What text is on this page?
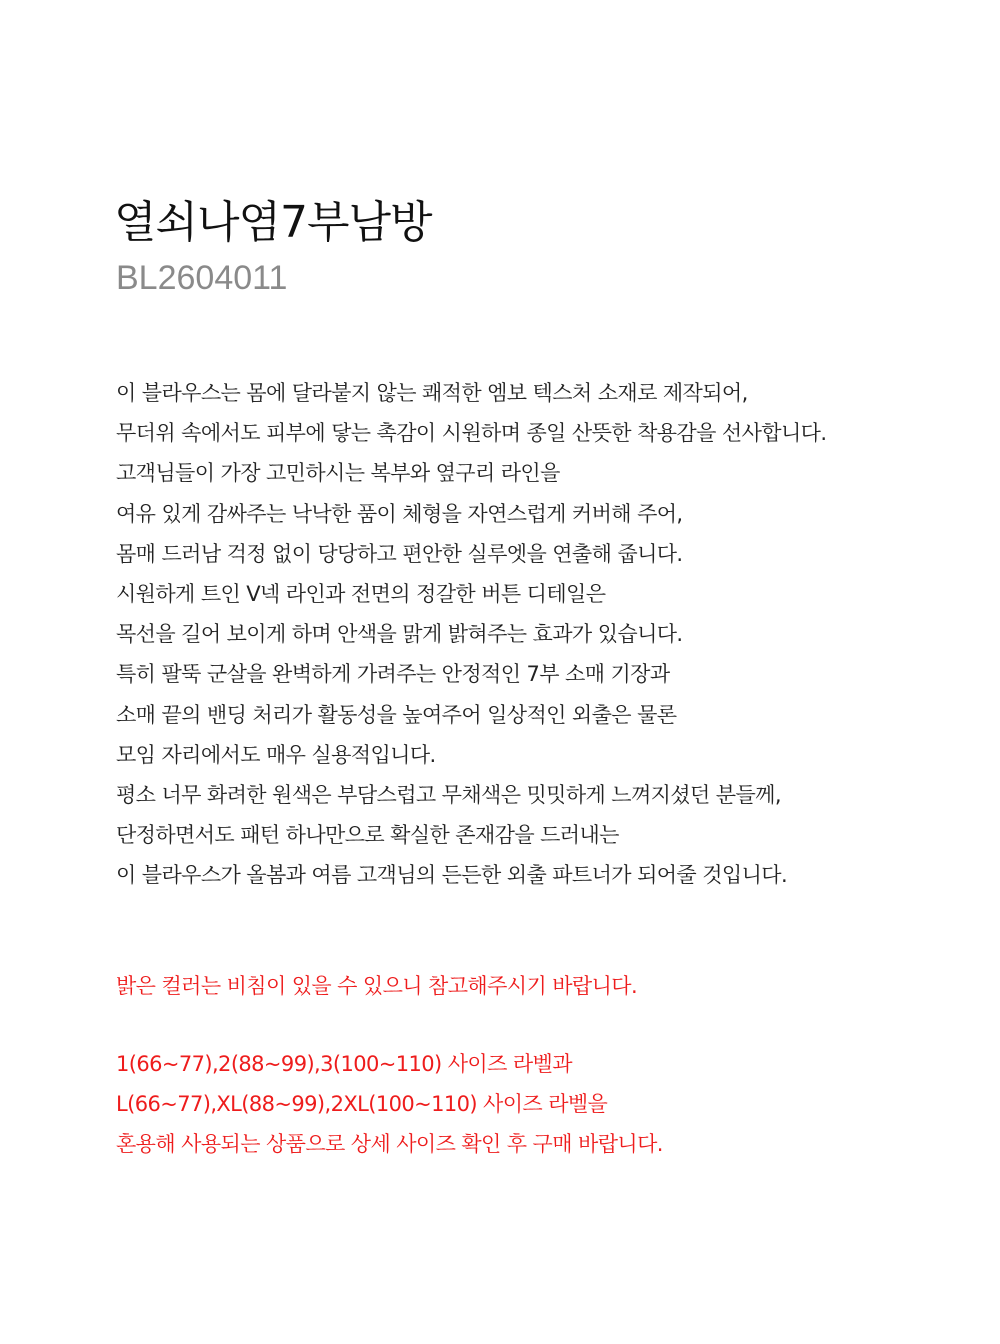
열쇠나염7부남방
BL2604011
이 블라우스는 몸에 달라붙지 않는 쾌적한 엠보 텍스처 소재로 제작되어,
무더위 속에서도 피부에 닿는 촉감이 시원하며 종일 산뜻한 착용감을 선사합니다.
고객님들이 가장 고민하시는 복부와 옆구리 라인을
여유 있게 감싸주는 낙낙한 품이 체형을 자연스럽게 커버해 주어,
몸매 드러남 걱정 없이 당당하고 편안한 실루엣을 연출해 줍니다.
시원하게 트인 V넥 라인과 전면의 정갈한 버튼 디테일은
목선을 길어 보이게 하며 안색을 맑게 밝혀주는 효과가 있습니다.
특히 팔뚝 군살을 완벽하게 가려주는 안정적인 7부 소매 기장과
소매 끝의 밴딩 처리가 활동성을 높여주어 일상적인 외출은 물론
모임 자리에서도 매우 실용적입니다.
평소 너무 화려한 원색은 부담스럽고 무채색은 밋밋하게 느껴지셨던 분들께,
단정하면서도 패턴 하나만으로 확실한 존재감을 드러내는
이 블라우스가 올봄과 여름 고객님의 든든한 외출 파트너가 되어줄 것입니다.

밝은 컬러는 비침이 있을 수 있으니 참고해주시기 바랍니다.

1(66~77),2(88~99),3(100~110) 사이즈 라벨과
L(66~77),XL(88~99),2XL(100~110) 사이즈 라벨을
혼용해 사용되는 상품으로 상세 사이즈 확인 후 구매 바랍니다.
